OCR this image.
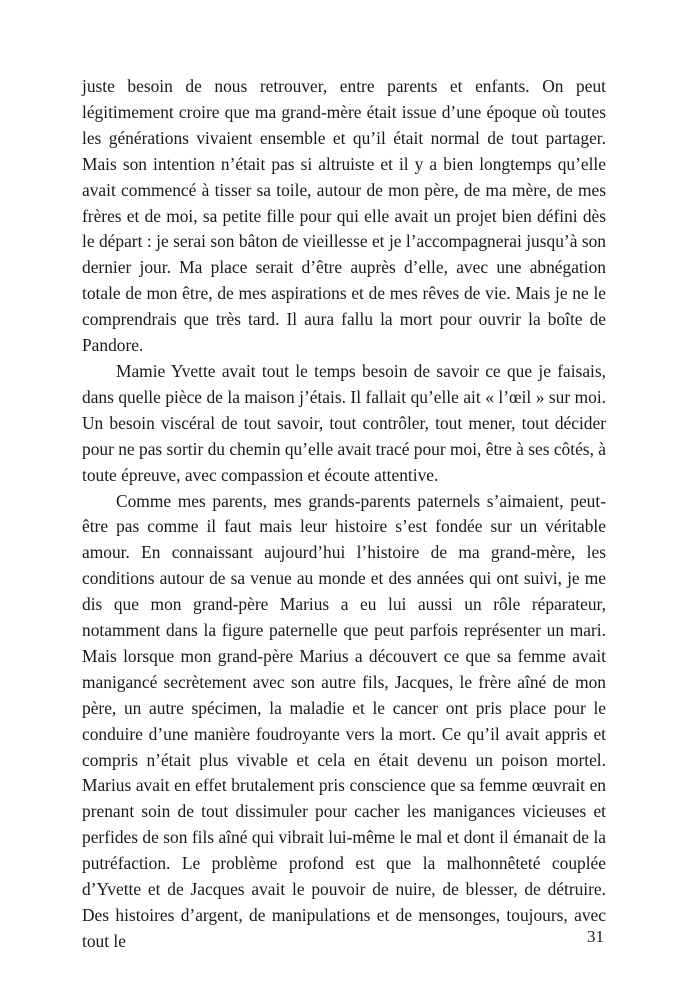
juste besoin de nous retrouver, entre parents et enfants. On peut légitimement croire que ma grand-mère était issue d’une époque où toutes les générations vivaient ensemble et qu’il était normal de tout partager. Mais son intention n’était pas si altruiste et il y a bien longtemps qu’elle avait commencé à tisser sa toile, autour de mon père, de ma mère, de mes frères et de moi, sa petite fille pour qui elle avait un projet bien défini dès le départ : je serai son bâton de vieillesse et je l’accompagnerai jusqu’à son dernier jour. Ma place serait d’être auprès d’elle, avec une abnégation totale de mon être, de mes aspirations et de mes rêves de vie. Mais je ne le comprendrais que très tard. Il aura fallu la mort pour ouvrir la boîte de Pandore.

Mamie Yvette avait tout le temps besoin de savoir ce que je faisais, dans quelle pièce de la maison j’étais. Il fallait qu’elle ait « l’œil » sur moi. Un besoin viscéral de tout savoir, tout contrôler, tout mener, tout décider pour ne pas sortir du chemin qu’elle avait tracé pour moi, être à ses côtés, à toute épreuve, avec compassion et écoute attentive.

Comme mes parents, mes grands-parents paternels s’aimaient, peut-être pas comme il faut mais leur histoire s’est fondée sur un véritable amour. En connaissant aujourd’hui l’histoire de ma grand-mère, les conditions autour de sa venue au monde et des années qui ont suivi, je me dis que mon grand-père Marius a eu lui aussi un rôle réparateur, notamment dans la figure paternelle que peut parfois représenter un mari. Mais lorsque mon grand-père Marius a découvert ce que sa femme avait manigancé secrètement avec son autre fils, Jacques, le frère aîné de mon père, un autre spécimen, la maladie et le cancer ont pris place pour le conduire d’une manière foudroyante vers la mort. Ce qu’il avait appris et compris n’était plus vivable et cela en était devenu un poison mortel. Marius avait en effet brutalement pris conscience que sa femme œuvrait en prenant soin de tout dissimuler pour cacher les manigances vicieuses et perfides de son fils aîné qui vibrait lui-même le mal et dont il émanait de la putréfaction. Le problème profond est que la malhonnêteté couplée d’Yvette et de Jacques avait le pouvoir de nuire, de blesser, de détruire. Des histoires d’argent, de manipulations et de mensonges, toujours, avec tout le	31
